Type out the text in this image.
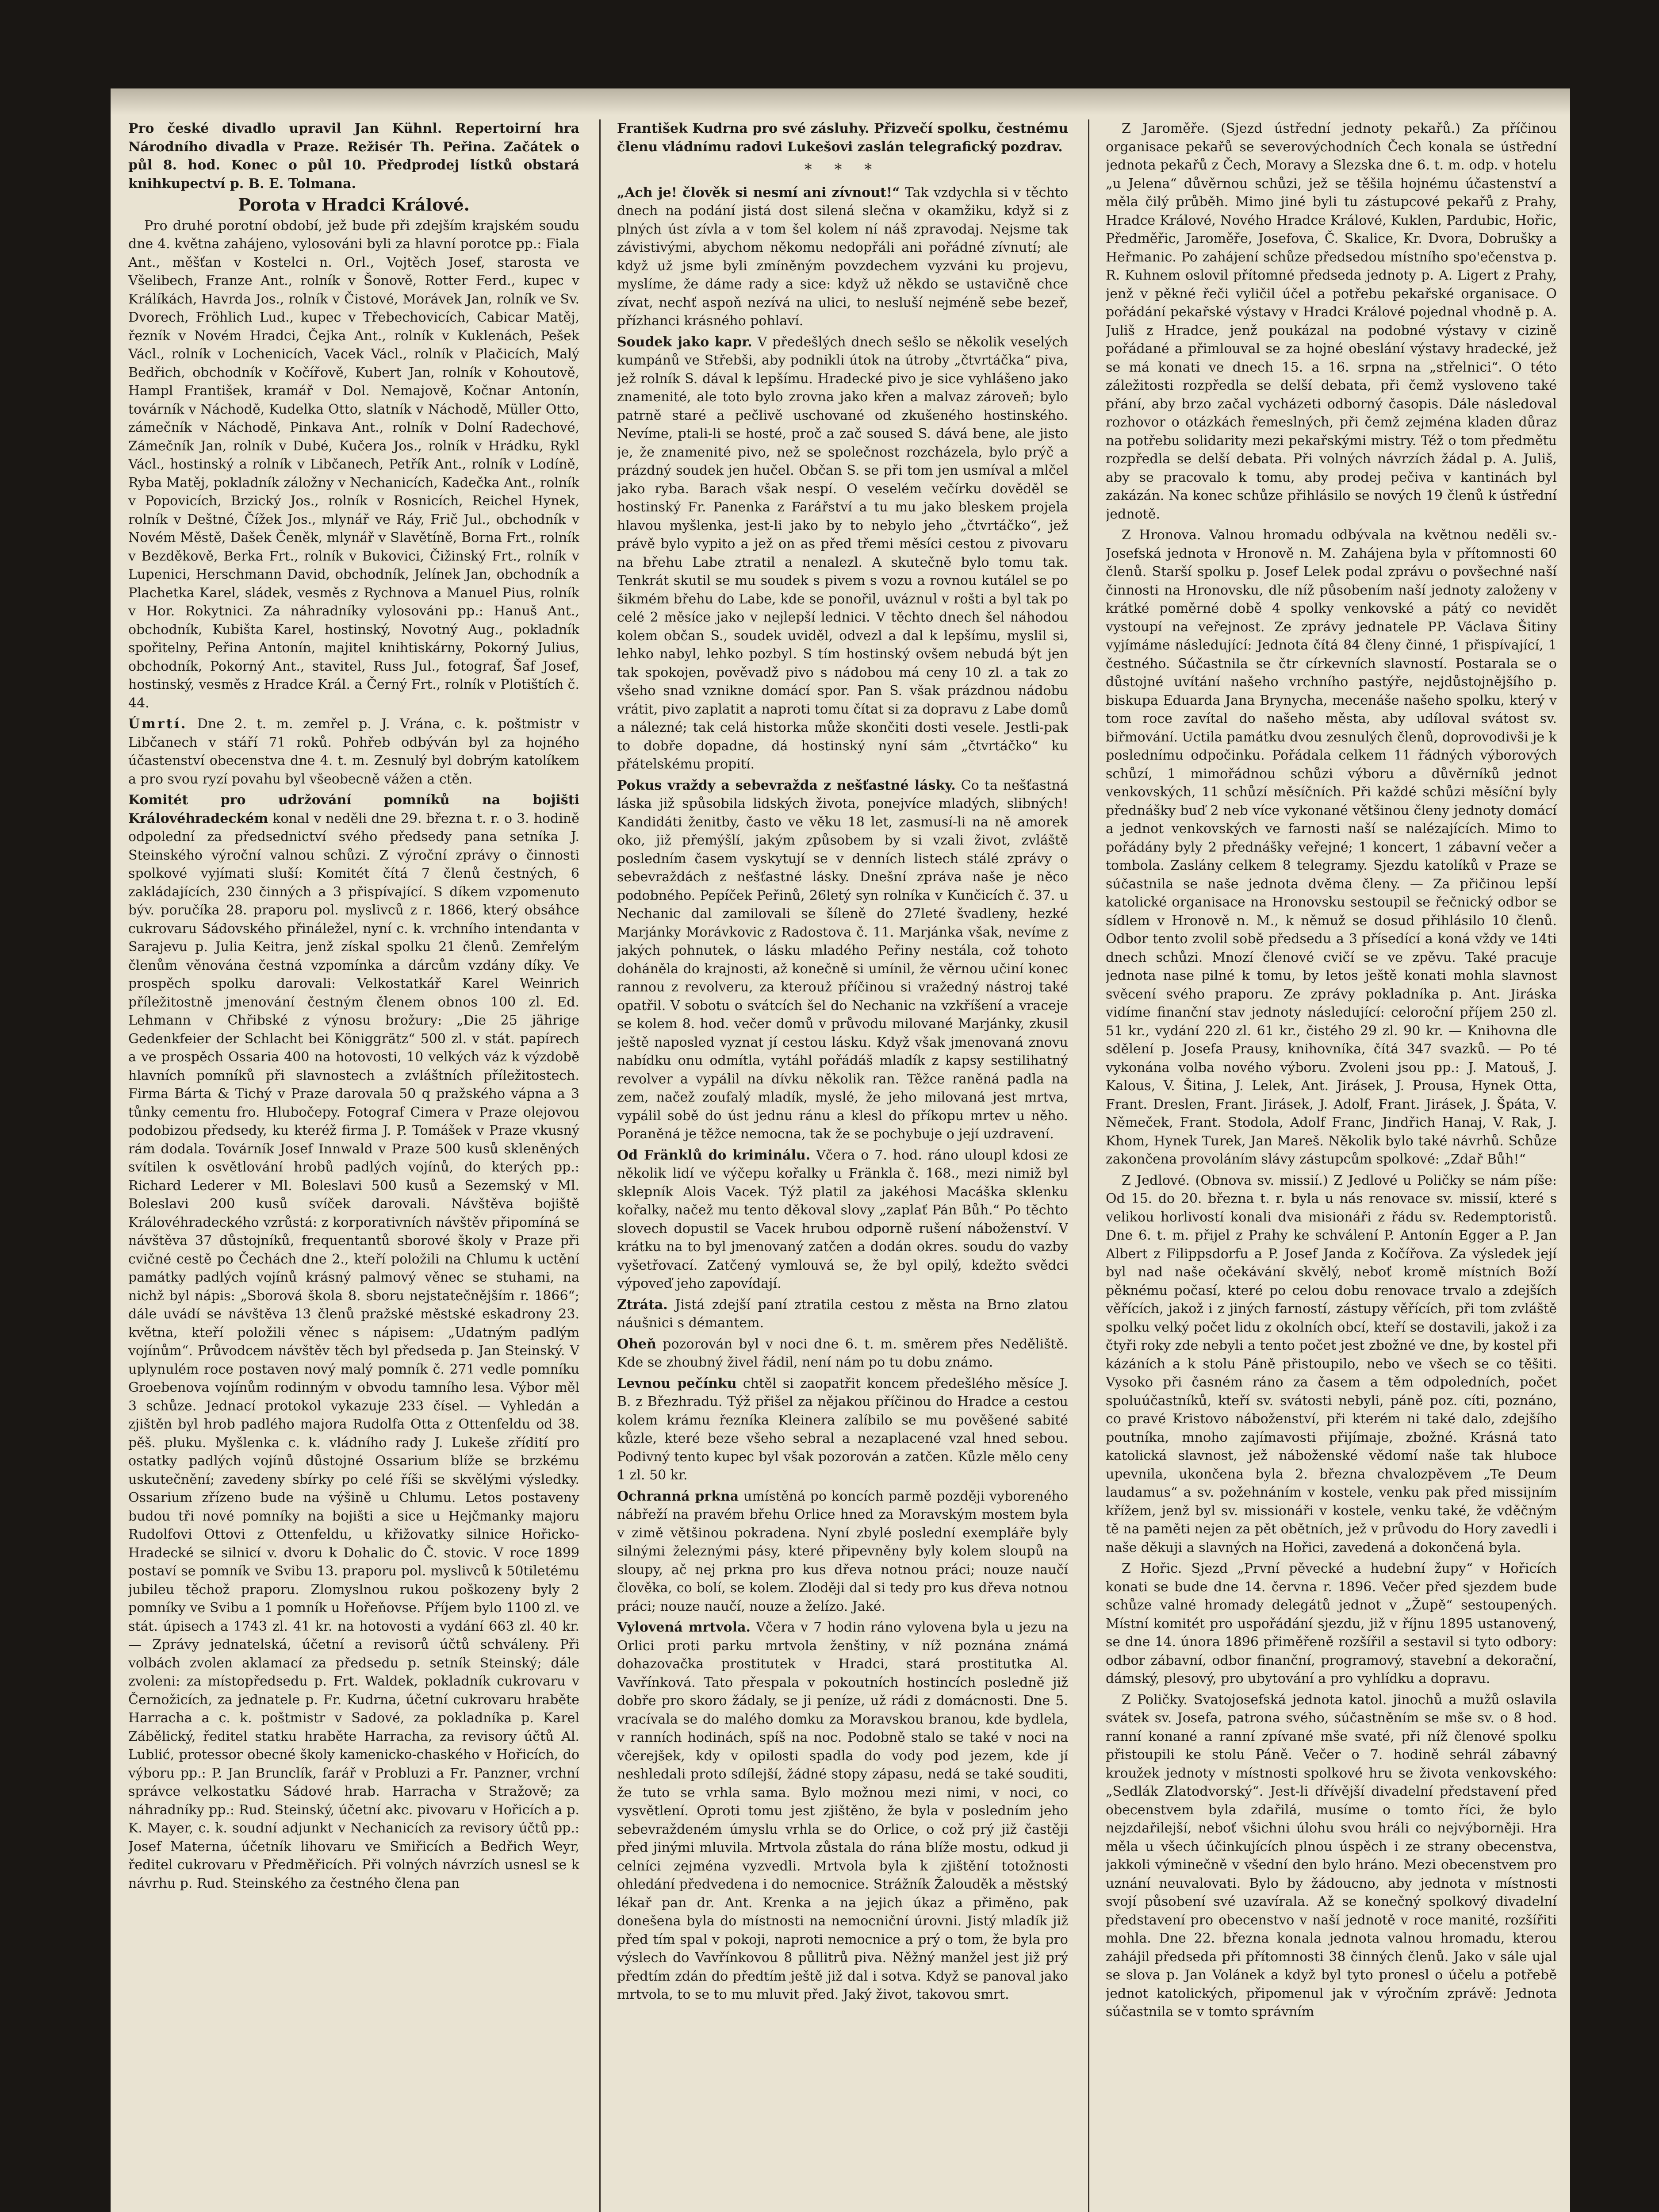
Pro české divadlo upravil Jan Kühnl. Repertoirní hra Národního divadla v Praze. Režisér Th. Peřina. Začátek o půl 8. hod. Konec o půl 10. Předprodej lístků obstará knihkupectví p. B. E. Tolmana.

Porota v Hradci Králové.

Pro druhé porotní období, jež bude při zdejším krajském soudu dne 4. května zahájeno, vylosováni byli za hlavní porotce pp.: Fiala Ant., měšťan v Kostelci n. Orl., Vojtěch Josef, starosta ve Všelibech, Franze Ant., rolník v Šonově, Rotter Ferd., kupec v Králíkách, Havrda Jos., rolník v Čistové, Morávek Jan, rolník ve Sv. Dvorech, Fröhlich Lud., kupec v Třebechovicích, Cabicar Matěj, řezník v Novém Hradci, Čejka Ant., rolník v Kuklenách, Pešek Václ., rolník v Lochenicích, Vacek Václ., rolník v Plačicích, Malý Bedřich, obchodník v Kočířově, Kubert Jan, rolník v Kohoutově, Hampl František, kramář v Dol. Nemajově, Kočnar Antonín, továrník v Náchodě, Kudelka Otto, slatník v Náchodě, Müller Otto, zámečník v Náchodě, Pinkava Ant., rolník v Dolní Radechové, Zámečník Jan, rolník v Dubé, Kučera Jos., rolník v Hrádku, Rykl Václ., hostinský a rolník v Libčanech, Petřík Ant., rolník v Lodíně, Ryba Matěj, pokladník záložny v Nechanicích, Kadečka Ant., rolník v Popovicích, Brzický Jos., rolník v Rosnicích, Reichel Hynek, rolník v Deštné, Čížek Jos., mlynář ve Ráy, Frič Jul., obchodník v Novém Městě, Dašek Čeněk, mlynář v Slavětíně, Borna Frt., rolník v Bezděkově, Berka Frt., rolník v Bukovici, Čižinský Frt., rolník v Lupenici, Herschmann David, obchodník, Jelínek Jan, obchodník a Plachetka Karel, sládek, vesměs z Rychnova a Manuel Pius, rolník v Hor. Rokytnici. Za náhradníky vylosováni pp.: Hanuš Ant., obchodník, Kubišta Karel, hostinský, Novotný Aug., pokladník spořitelny, Peřina Antonín, majitel knihtiskárny, Pokorný Julius, obchodník, Pokorný Ant., stavitel, Russ Jul., fotograf, Šaf Josef, hostinský, vesměs z Hradce Král. a Černý Frt., rolník v Plotištích č. 44.

Úmrtí. Dne 2. t. m. zemřel p. J. Vrána, c. k. poštmistr v Libčanech v stáří 71 roků. Pohřeb odbýván byl za hojného účastenství obecenstva dne 4. t. m. Zesnulý byl dobrým katolíkem a pro svou ryzí povahu byl všeobecně vážen a ctěn.

Komitét pro udržování pomníků na bojišti Královéhradeckém konal v neděli dne 29. března t. r. o 3. hodině odpolední za předsednictví svého předsedy pana setníka J. Steinského výroční valnou schůzi. Z výroční zprávy o činnosti spolkové vyjímati sluší: Komitét čítá 7 členů čestných, 6 zakládajících, 230 činných a 3 přispívající. S díkem vzpomenuto býv. poručíka 28. praporu pol. myslivců z r. 1866, který obsáhce cukrovaru Sádovského přináležel, nyní c. k. vrchního intendanta v Sarajevu p. Julia Keitra, jenž získal spolku 21 členů. Zemřelým členům věnována čestná vzpomínka a dárcům vzdány díky. Ve prospěch spolku darovali: Velkostatkář Karel Weinrich příležitostně jmenování čestným členem obnos 100 zl. Ed. Lehmann v Chřibské z výnosu brožury: „Die 25 jährige Gedenkfeier der Schlacht bei Königgrätz“ 500 zl. v stát. papírech a ve prospěch Ossaria 400 na hotovosti, 10 velkých váz k výzdobě hlavních pomníků při slavnostech a zvláštních příležitostech. Firma Bárta & Tichý v Praze darovala 50 q pražského vápna a 3 tůnky cementu fro. Hlubočepy. Fotograf Cimera v Praze olejovou podobizou předsedy, ku kteréž firma J. P. Tomášek v Praze vkusný rám dodala. Továrník Josef Innwald v Praze 500 kusů skleněných svítilen k osvětlování hrobů padlých vojínů, do kterých pp.: Richard Lederer v Ml. Boleslavi 500 kusů a Sezemský v Ml. Boleslavi 200 kusů svíček darovali. Návštěva bojiště Královéhradeckého vzrůstá: z korporativních návštěv připomíná se návštěva 37 důstojníků, frequentantů sborové školy v Praze při cvičné cestě po Čechách dne 2., kteří položili na Chlumu k uctění památky padlých vojínů krásný palmový věnec se stuhami, na nichž byl nápis: „Sborová škola 8. sboru nejstatečnějším r. 1866“; dále uvádí se návštěva 13 členů pražské městské eskadrony 23. května, kteří položili věnec s nápisem: „Udatným padlým vojínům“. Průvodcem návštěv těch byl předseda p. Jan Steinský. V uplynulém roce postaven nový malý pomník č. 271 vedle pomníku Groebenova vojínům rodinným v obvodu tamního lesa. Výbor měl 3 schůze. Jednací protokol vykazuje 233 čísel. — Vyhledán a zjištěn byl hrob padlého majora Rudolfa Otta z Ottenfeldu od 38. pěš. pluku. Myšlenka c. k. vládního rady J. Lukeše zřídití pro ostatky padlých vojínů důstojné Ossarium blíže se brzkému uskutečnění; zavedeny sbírky po celé říši se skvělými výsledky. Ossarium zřízeno bude na výšině u Chlumu. Letos postaveny budou tři nové pomníky na bojišti a sice u Hejčmanky majoru Rudolfovi Ottovi z Ottenfeldu, u křižovatky silnice Hořicko-Hradecké se silnicí v. dvoru k Dohalic do Č. stovic. V roce 1899 postaví se pomník ve Svibu 13. praporu pol. myslivců k 50tiletému jubileu těchož praporu. Zlomyslnou rukou poškozeny byly 2 pomníky ve Svibu a 1 pomník u Hořeňovse. Příjem bylo 1100 zl. ve stát. úpisech a 1743 zl. 41 kr. na hotovosti a vydání 663 zl. 40 kr. — Zprávy jednatelská, účetní a revisorů účtů schváleny. Při volbách zvolen aklamací za předsedu p. setník Steinský; dále zvoleni: za místopředsedu p. Frt. Waldek, pokladník cukrovaru v Černožicích, za jednatele p. Fr. Kudrna, účetní cukrovaru hraběte Harracha a c. k. poštmistr v Sadové, za pokladníka p. Karel Zábělický, ředitel statku hraběte Harracha, za revisory účtů Al. Lublić, protessor obecné školy kamenicko-chaského v Hořicích, do výboru pp.: P. Jan Brunclík, farář v Probluzi a Fr. Panzner, vrchní správce velkostatku Sádové hrab. Harracha v Stražově; za náhradníky pp.: Rud. Steinský, účetní akc. pivovaru v Hořicích a p. K. Mayer, c. k. soudní adjunkt v Nechanicích za revisory účtů pp.: Josef Materna, účetník lihovaru ve Smiřicích a Bedřich Weyr, ředitel cukrovaru v Předměřicích. Při volných návrzích usnesl se k návrhu p. Rud. Steinského za čestného člena pan

František Kudrna pro své zásluhy. Přizvečí spolku, čestnému členu vládnímu radovi Lukešovi zaslán telegrafický pozdrav.

* * *

„Ach je! člověk si nesmí ani zívnout!“ Tak vzdychla si v těchto dnech na podání jistá dost silená slečna v okamžiku, když si z plných úst zívla a v tom šel kolem ní náš zpravodaj. Nejsme tak závistivými, abychom někomu nedopřáli ani pořádné zívnutí; ale když už jsme byli zmíněným povzdechem vyzváni ku projevu, myslíme, že dáme rady a sice: když už někdo se ustavičně chce zívat, nechť aspoň nezívá na ulici, to nesluší nejméně sebe bezeř, přízhanci krásného pohlaví.

Soudek jako kapr. V předešlých dnech sešlo se několik veselých kumpánů ve Střebši, aby podnikli útok na útroby „čtvrtáčka“ piva, jež rolník S. dával k lepšímu. Hradecké pivo je sice vyhlášeno jako znamenité, ale toto bylo zrovna jako křen a malvaz zároveň; bylo patrně staré a pečlivě uschované od zkušeného hostinského. Nevíme, ptali-li se hosté, proč a zač soused S. dává bene, ale jisto je, že znamenité pivo, než se společnost rozcházela, bylo prýč a prázdný soudek jen hučel. Občan S. se při tom jen usmíval a mlčel jako ryba. Barach však nespí. O veselém večírku dověděl se hostinský Fr. Panenka z Farářství a tu mu jako bleskem projela hlavou myšlenka, jest-li jako by to nebylo jeho „čtvrtáčko“, jež právě bylo vypito a jež on as před třemi měsíci cestou z pivovaru na břehu Labe ztratil a nenalezl. A skutečně bylo tomu tak. Tenkrát skutil se mu soudek s pivem s vozu a rovnou kutálel se po šikmém břehu do Labe, kde se ponořil, uváznul v rošti a byl tak po celé 2 měsíce jako v nejlepší lednici. V těchto dnech šel náhodou kolem občan S., soudek uviděl, odvezl a dal k lepšímu, myslil si, lehko nabyl, lehko pozbyl. S tím hostinský ovšem nebudá být jen tak spokojen, pověvadž pivo s nádobou má ceny 10 zl. a tak zo všeho snad vznikne domácí spor. Pan S. však prázdnou nádobu vrátit, pivo zaplatit a naproti tomu čítat si za dopravu z Labe domů a nálezné; tak celá historka může skončiti dosti vesele. Jestli-pak to dobře dopadne, dá hostinský nyní sám „čtvrtáčko“ ku přátelskému propití.

Pokus vraždy a sebevražda z nešťastné lásky. Co ta nešťastná láska již spůsobila lidských života, ponejvíce mladých, slibných! Kandidáti ženitby, často ve věku 18 let, zasmusí-li na ně amorek oko, již přemýšlí, jakým způsobem by si vzali život, zvláště posledním časem vyskytují se v denních listech stálé zprávy o sebevraždách z nešťastné lásky. Dnešní zpráva naše je něco podobného. Pepíček Peřinů, 26letý syn rolníka v Kunčicích č. 37. u Nechanic dal zamilovali se šíleně do 27leté švadleny, hezké Marjánky Morávkovic z Radostova č. 11. Marjánka však, nevíme z jakých pohnutek, o lásku mladého Peřiny nestála, což tohoto doháněla do krajnosti, až konečně si umínil, že věrnou učiní konec rannou z revolveru, za kterouž příčinou si vražedný nástroj také opatřil. V sobotu o svátcích šel do Nechanic na vzkříšení a vraceje se kolem 8. hod. večer domů v průvodu milované Marjánky, zkusil ještě naposled vyznat jí cestou lásku. Když však jmenovaná znovu nabídku onu odmítla, vytáhl pořádáš mladík z kapsy sestilihatný revolver a vypálil na dívku několik ran. Těžce raněná padla na zem, načež zoufalý mladík, myslé, že jeho milovaná jest mrtva, vypálil sobě do úst jednu ránu a klesl do příkopu mrtev u něho. Poraněná je těžce nemocna, tak že se pochybuje o její uzdravení.

Od Fränklů do kriminálu. Včera o 7. hod. ráno uloupl kdosi ze několik lidí ve výčepu kořalky u Fränkla č. 168., mezi nimiž byl sklepník Alois Vacek. Týž platil za jakéhosi Macáška sklenku kořalky, načež mu tento děkoval slovy „zaplať Pán Bůh.“ Po těchto slovech dopustil se Vacek hrubou odporně rušení náboženství. V krátku na to byl jmenovaný zatčen a dodán okres. soudu do vazby vyšetřovací. Zatčený vymlouvá se, že byl opilý, kdežto svědci výpoveď jeho zapovídají.

Ztráta. Jistá zdejší paní ztratila cestou z města na Brno zlatou náušnici s démantem.

Oheň pozorován byl v noci dne 6. t. m. směrem přes Neděliště. Kde se zhoubný živel řádil, není nám po tu dobu známo.

Levnou pečínku chtěl si zaopatřit koncem předešlého měsíce J. B. z Březhradu. Týž přišel za nějakou příčinou do Hradce a cestou kolem krámu řezníka Kleinera zalíbilo se mu pověšené sabité kůzle, které beze všeho sebral a nezaplacené vzal hned sebou. Podivný tento kupec byl však pozorován a zatčen. Kůzle mělo ceny 1 zl. 50 kr.

Ochranná prkna umístěná po koncích parmě později vyboreného nábřeží na pravém břehu Orlice hned za Moravským mostem byla v zimě většinou pokradena. Nyní zbylé poslední exempláře byly silnými železnými pásy, které připevněny byly kolem sloupů na sloupy, ač nej prkna pro kus dřeva notnou práci; nouze naučí člověka, co bolí, se kolem. Zloději dal si tedy pro kus dřeva notnou práci; nouze naučí, nouze a želízo. Jaké.

Vylovená mrtvola. Včera v 7 hodin ráno vylovena byla u jezu na Orlici proti parku mrtvola ženštiny, v níž poznána známá dohazovačka prostitutek v Hradci, stará prostitutka Al. Vavřínková. Tato přespala v pokoutních hostincích posledně již dobře pro skoro žádaly, se ji peníze, už rádi z domácnosti. Dne 5. vracívala se do malého domku za Moravskou branou, kde bydlela, v ranních hodinách, spíš na noc. Podobně stalo se také v noci na včerejšek, kdy v opilosti spadla do vody pod jezem, kde jí neshledali proto sdílejší, žádné stopy zápasu, nedá se také souditi, že tuto se vrhla sama. Bylo možnou mezi nimi, v noci, co vysvětlení. Oproti tomu jest zjištěno, že byla v posledním jeho sebevraždeném úmyslu vrhla se do Orlice, o což prý již častěji před jinými mluvila. Mrtvola zůstala do rána blíže mostu, odkud ji celníci zejména vyzvedli. Mrtvola byla k zjištění totožnosti ohledání předvedena i do nemocnice. Strážník Žalouděk a městský lékař pan dr. Ant. Krenka a na jejich úkaz a přiměno, pak donešena byla do místnosti na nemocniční úrovni. Jistý mladík již před tím spal v pokoji, naproti nemocnice a prý o tom, že byla pro výslech do Vavřínkovou 8 půllitrů piva. Něžný manžel jest již prý předtím zdán do předtím ještě již dal i sotva. Když se panoval jako mrtvola, to se to mu mluvit před. Jaký život, takovou smrt.

Z Jaroměře. (Sjezd ústřední jednoty pekařů.) Za příčinou organisace pekařů se severovýchodních Čech konala se ústřední jednota pekařů z Čech, Moravy a Slezska dne 6. t. m. odp. v hotelu „u Jelena“ důvěrnou schůzi, jež se těšila hojnému účastenství a měla čilý průběh. Mimo jiné byli tu zástupcové pekařů z Prahy, Hradce Králové, Nového Hradce Králové, Kuklen, Pardubic, Hořic, Předměřic, Jaroměře, Josefova, Č. Skalice, Kr. Dvora, Dobrušky a Heřmanic. Po zahájení schůze předsedou místního spo'ečenstva p. R. Kuhnem oslovil přítomné předseda jednoty p. A. Ligert z Prahy, jenž v pěkné řeči vyličil účel a potřebu pekařské organisace. O pořádání pekařské výstavy v Hradci Králové pojednal vhodně p. A. Juliš z Hradce, jenž poukázal na podobné výstavy v cizině pořádané a přimlouval se za hojné obeslání výstavy hradecké, jež se má konati ve dnech 15. a 16. srpna na „střelnici“. O této záležitosti rozpředla se delší debata, při čemž vysloveno také přání, aby brzo začal vycházeti odborný časopis. Dále následoval rozhovor o otázkách řemeslných, při čemž zejména kladen důraz na potřebu solidarity mezi pekařskými mistry. Též o tom předmětu rozpředla se delší debata. Při volných návrzích žádal p. A. Juliš, aby se pracovalo k tomu, aby prodej pečiva v kantinách byl zakázán. Na konec schůze přihlásilo se nových 19 členů k ústřední jednotě.

Z Hronova. Valnou hromadu odbývala na květnou neděli sv.-Josefská jednota v Hronově n. M. Zahájena byla v přítomnosti 60 členů. Starší spolku p. Josef Lelek podal zprávu o povšechné naší činnosti na Hronovsku, dle níž působením naší jednoty založeny v krátké poměrné době 4 spolky venkovské a pátý co nevidět vystoupí na veřejnost. Ze zprávy jednatele PP. Václava Šitiny vyjímáme následující: Jednota čítá 84 členy činné, 1 přispívající, 1 čestného. Súčastnila se čtr církevních slavností. Postarala se o důstojné uvítání našeho vrchního pastýře, nejdůstojnějšího p. biskupa Eduarda Jana Brynycha, mecenáše našeho spolku, který v tom roce zavítal do našeho města, aby udíloval svátost sv. biřmování. Uctila památku dvou zesnulých členů, doprovodivši je k poslednímu odpočinku. Pořádala celkem 11 řádných výborových schůzí, 1 mimořádnou schůzi výboru a důvěrníků jednot venkovských, 11 schůzí měsíčních. Při každé schůzi měsíční byly přednášky buď 2 neb více vykonané většinou členy jednoty domácí a jednot venkovských ve farnosti naší se nalézajících. Mimo to pořádány byly 2 přednášky veřejné; 1 koncert, 1 zábavní večer a tombola. Zaslány celkem 8 telegramy. Sjezdu katolíků v Praze se súčastnila se naše jednota dvěma členy. — Za přičinou lepší katolické organisace na Hronovsku sestoupil se řečnický odbor se sídlem v Hronově n. M., k němuž se dosud přihlásilo 10 členů. Odbor tento zvolil sobě předsedu a 3 přísedící a koná vždy ve 14ti dnech schůzi. Mnozí členové cvičí se ve zpěvu. Také pracuje jednota nase pilné k tomu, by letos ještě konati mohla slavnost svěcení svého praporu. Ze zprávy pokladníka p. Ant. Jiráska vidíme finanční stav jednoty následující: celoroční příjem 250 zl. 51 kr., vydání 220 zl. 61 kr., čistého 29 zl. 90 kr. — Knihovna dle sdělení p. Josefa Prausy, knihovníka, čítá 347 svazků. — Po té vykonána volba nového výboru. Zvoleni jsou pp.: J. Matouš, J. Kalous, V. Šitina, J. Lelek, Ant. Jirásek, J. Prousa, Hynek Otta, Frant. Dreslen, Frant. Jirásek, J. Adolf, Frant. Jirásek, J. Špáta, V. Němeček, Frant. Stodola, Adolf Franc, Jindřich Hanaj, V. Rak, J. Khom, Hynek Turek, Jan Mareš. Několik bylo také návrhů. Schůze zakončena provoláním slávy zástupcům spolkové: „Zdař Bůh!“

Z Jedlové. (Obnova sv. missií.) Z Jedlové u Poličky se nám píše: Od 15. do 20. března t. r. byla u nás renovace sv. missií, které s velikou horlivostí konali dva misionáři z řádu sv. Redemptoristů. Dne 6. t. m. přijel z Prahy ke schválení P. Antonín Egger a P. Jan Albert z Filippsdorfu a P. Josef Janda z Kočířova. Za výsledek její byl nad naše očekávání skvělý, neboť kromě místních Boží pěknému počasí, které po celou dobu renovace trvalo a zdejších věřících, jakož i z jiných farností, zástupy věřících, při tom zvláště spolku velký počet lidu z okolních obcí, kteří se dostavili, jakož i za čtyři roky zde nebyli a tento počet jest zbožné ve dne, by kostel při kázáních a k stolu Páně přistoupilo, nebo ve všech se co těšiti. Vysoko při časném ráno za časem a těm odpoledních, počet spoluúčastníků, kteří sv. svátosti nebyli, páně poz. cíti, poznáno, co pravé Kristovo náboženství, při kterém ni také dalo, zdejšího poutníka, mnoho zajímavosti přijímaje, zbožné. Krásná tato katolická slavnost, jež náboženské vědomí naše tak hluboce upevnila, ukončena byla 2. března chvalozpěvem „Te Deum laudamus“ a sv. požehnáním v kostele, venku pak před missijním křížem, jenž byl sv. missionáři v kostele, venku také, že vděčným tě na paměti nejen za pět obětních, jež v průvodu do Hory zavedli i naše děkuji a slavných na Hořici, zavedená a dokončená byla.

Z Hořic. Sjezd „První pěvecké a hudební župy“ v Hořicích konati se bude dne 14. června r. 1896. Večer před sjezdem bude schůze valné hromady delegátů jednot v „Župě“ sestoupených. Místní komitét pro uspořádání sjezdu, již v říjnu 1895 ustanovený, se dne 14. února 1896 přiměřeně rozšířil a sestavil si tyto odbory: odbor zábavní, odbor finanční, programový, stavební a dekorační, dámský, plesový, pro ubytování a pro vyhlídku a dopravu.

Z Poličky. Svatojosefská jednota katol. jinochů a mužů oslavila svátek sv. Josefa, patrona svého, súčastněním se mše sv. o 8 hod. ranní konané a ranní zpívané mše svaté, při níž členové spolku přistoupili ke stolu Páně. Večer o 7. hodině sehrál zábavný kroužek jednoty v místnosti spolkové hru se života venkovského: „Sedlák Zlatodvorský“. Jest-li dřívější divadelní představení před obecenstvem byla zdařilá, musíme o tomto říci, že bylo nejzdařilejší, neboť všichni úlohu svou hráli co nejvýborněji. Hra měla u všech účinkujících plnou úspěch i ze strany obecenstva, jakkoli výminečně v všední den bylo hráno. Mezi obecenstvem pro uznání neuvalovati. Bylo by žádoucno, aby jednota v místnosti svojí působení své uzavírala. Až se konečný spolkový divadelní představení pro obecenstvo v naší jednotě v roce manité, rozšířiti mohla. Dne 22. března konala jednota valnou hromadu, kterou zahájil předseda při přítomnosti 38 činných členů. Jako v sále ujal se slova p. Jan Volánek a když byl tyto pronesl o účelu a potřebě jednot katolických, připomenul jak v výročním zprávě: Jednota súčastnila se v tomto správním
